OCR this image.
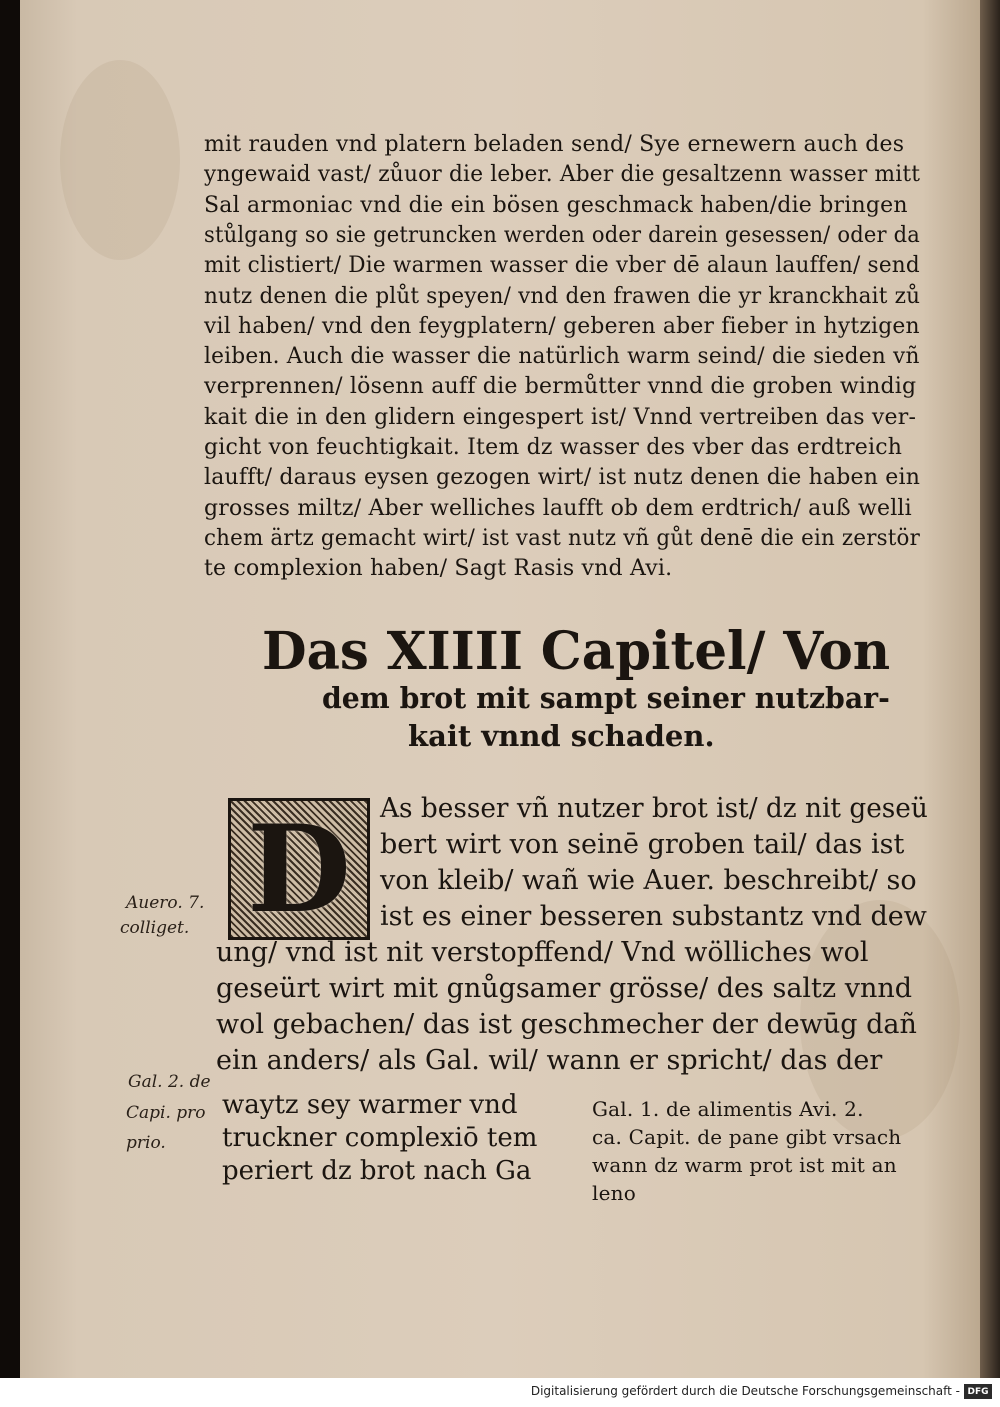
mit rauden vnd platern beladen send/ Sye ernewern auch des
yngewaid vast/ zůuor die leber. Aber die gesaltzenn wasser mitt
Sal armoniac vnd die ein bösen geschmack haben/die bringen
stůlgang so sie getruncken werden oder darein gesessen/ oder da
mit clistiert/ Die warmen wasser die vber dē alaun lauffen/ send
nutz denen die plůt speyen/ vnd den frawen die yr kranckhait zů
vil haben/ vnd den feygplatern/ geberen aber fieber in hytzigen
leiben. Auch die wasser die natürlich warm seind/ die sieden vñ
verprennen/ lösenn auff die bermůtter vnnd die groben windig
kait die in den glidern eingespert ist/ Vnnd vertreiben das ver-
gicht von feuchtigkait. Item dz wasser des vber das erdtreich
laufft/ daraus eysen gezogen wirt/ ist nutz denen die haben ein
grosses miltz/ Aber welliches laufft ob dem erdtrich/ auß welli
chem ärtz gemacht wirt/ ist vast nutz vñ gůt denē die ein zerstör
te complexion haben/ Sagt Rasis vnd Avi.
Das XIIII Capitel/ Von
dem brot mit sampt seiner nutzbar-
kait vnnd schaden.
D	As besser vñ nutzer brot ist/ dz nit geseü
bert wirt von seinē groben tail/ das ist
von kleib/ wañ wie Auer. beschreibt/ so
ist es einer besseren substantz vnd dew
ung/ vnd ist nit verstopffend/ Vnd wölliches wol
geseürt wirt mit gnůgsamer grösse/ des saltz vnnd
wol gebachen/ das ist geschmecher der dewūg dañ
ein anders/ als Gal. wil/ wann er spricht/ das der
waytz sey warmer vnd
truckner complexiō tem
periert dz brot nach Ga
Gal. 1. de alimentis Avi. 2.
ca. Capit. de pane gibt vrsach
wann dz warm prot ist mit an
leno
Auero. 7.
colliget.
Gal. 2. de
Capi. pro
prio.
Digitalisierung gefördert durch die Deutsche Forschungsgemeinschaft - DFG
